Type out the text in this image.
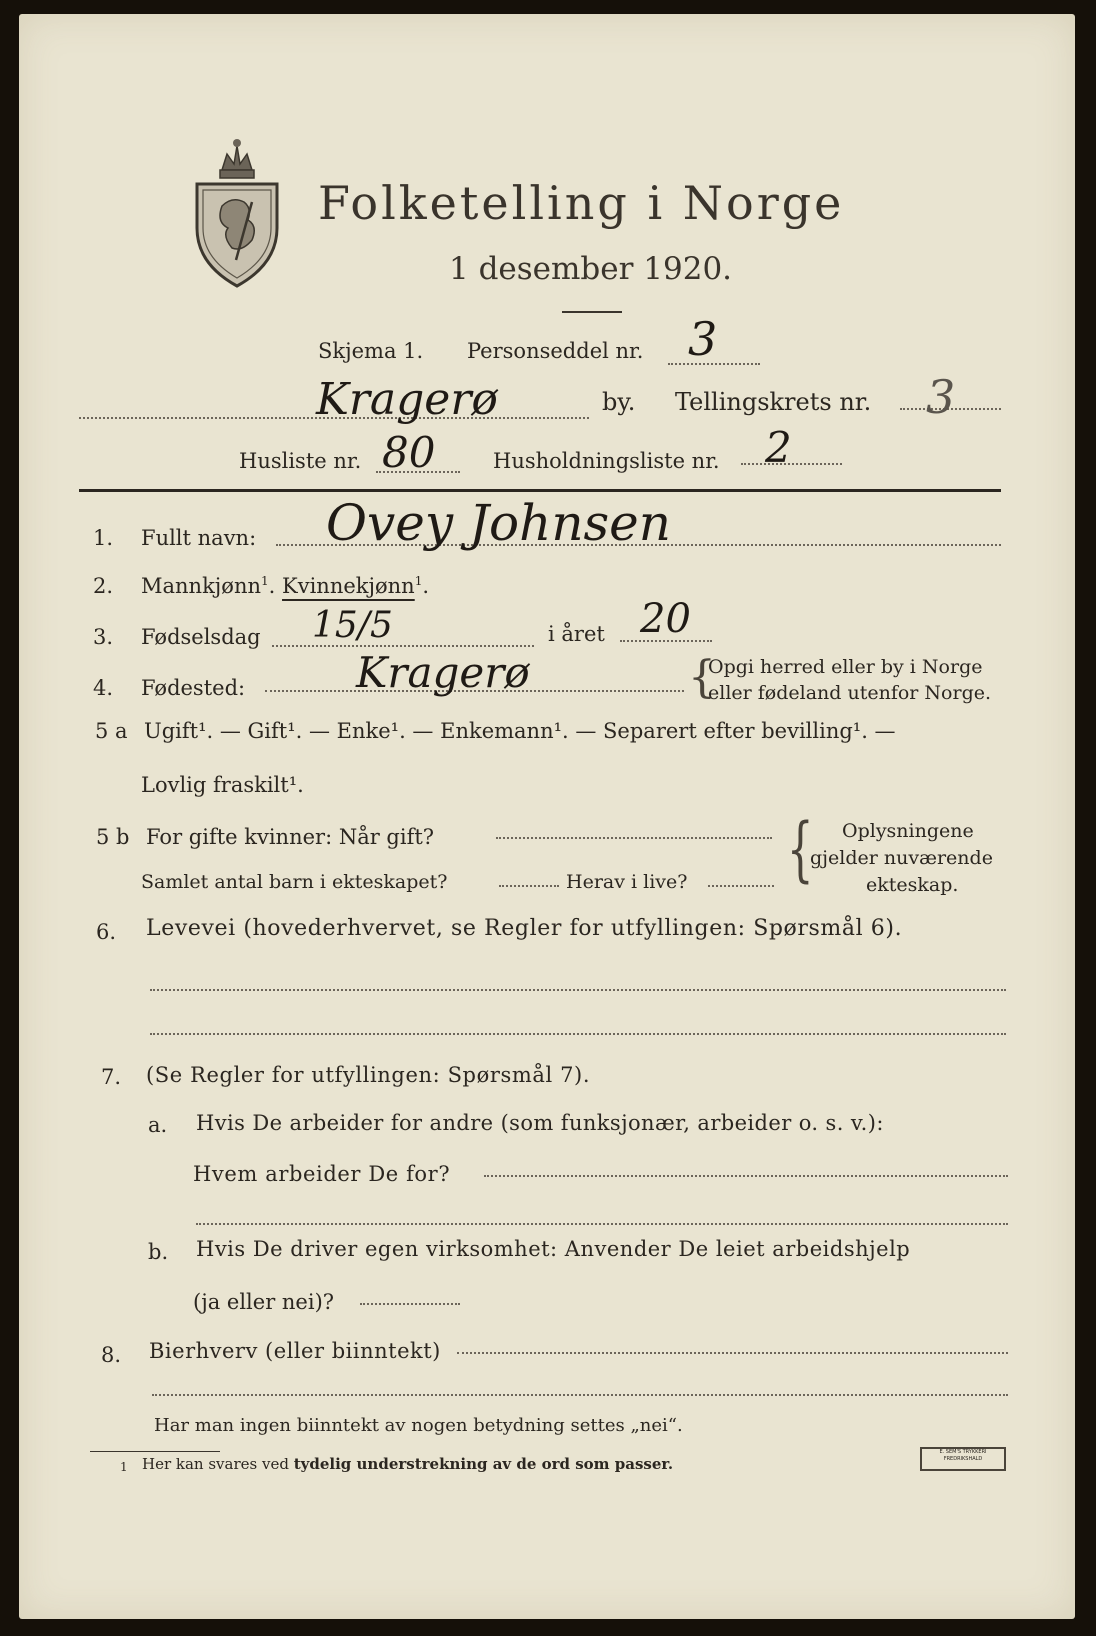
Folketelling i Norge
1 desember 1920.
Skjema 1. Personseddel nr. 3
Kragerø	by. Tellingskrets nr. 3
Husliste nr. 80	Husholdningsliste nr. 2
1. Fullt navn: Ovey Johnsen
2. Mannkjønn$^1$. Kvinnekjønn$^1$.
3. Fødselsdag 15/5	i året 20
4. Fødested:	Kragerø	{
Opgi herred eller by i Norge
eller fødeland utenfor Norge.
5 a Ugift¹. — Gift¹. — Enke¹. — Enkemann¹. — Separert efter bevilling¹. —
Lovlig fraskilt¹.
5 b For gifte kvinner: Når gift?
Samlet antal barn i ekteskapet?	Herav i live? { Oplysningene
gjelder nuværende
ekteskap.
6. Levevei (hovederhvervet, se Regler for utfyllingen: Spørsmål 6).
7. (Se Regler for utfyllingen: Spørsmål 7).
a. Hvis De arbeider for andre (som funksjonær, arbeider o. s. v.):
Hvem arbeider De for?
b. Hvis De driver egen virksomhet: Anvender De leiet arbeidshjelp
(ja eller nei)?
8. Bierhverv (eller biinntekt)
Har man ingen biinntekt av nogen betydning settes „nei“.
1 Her kan svares ved tydelig understrekning av de ord som passer.
E. SEM'S TRYKKERI
FREDRIKSHALD
